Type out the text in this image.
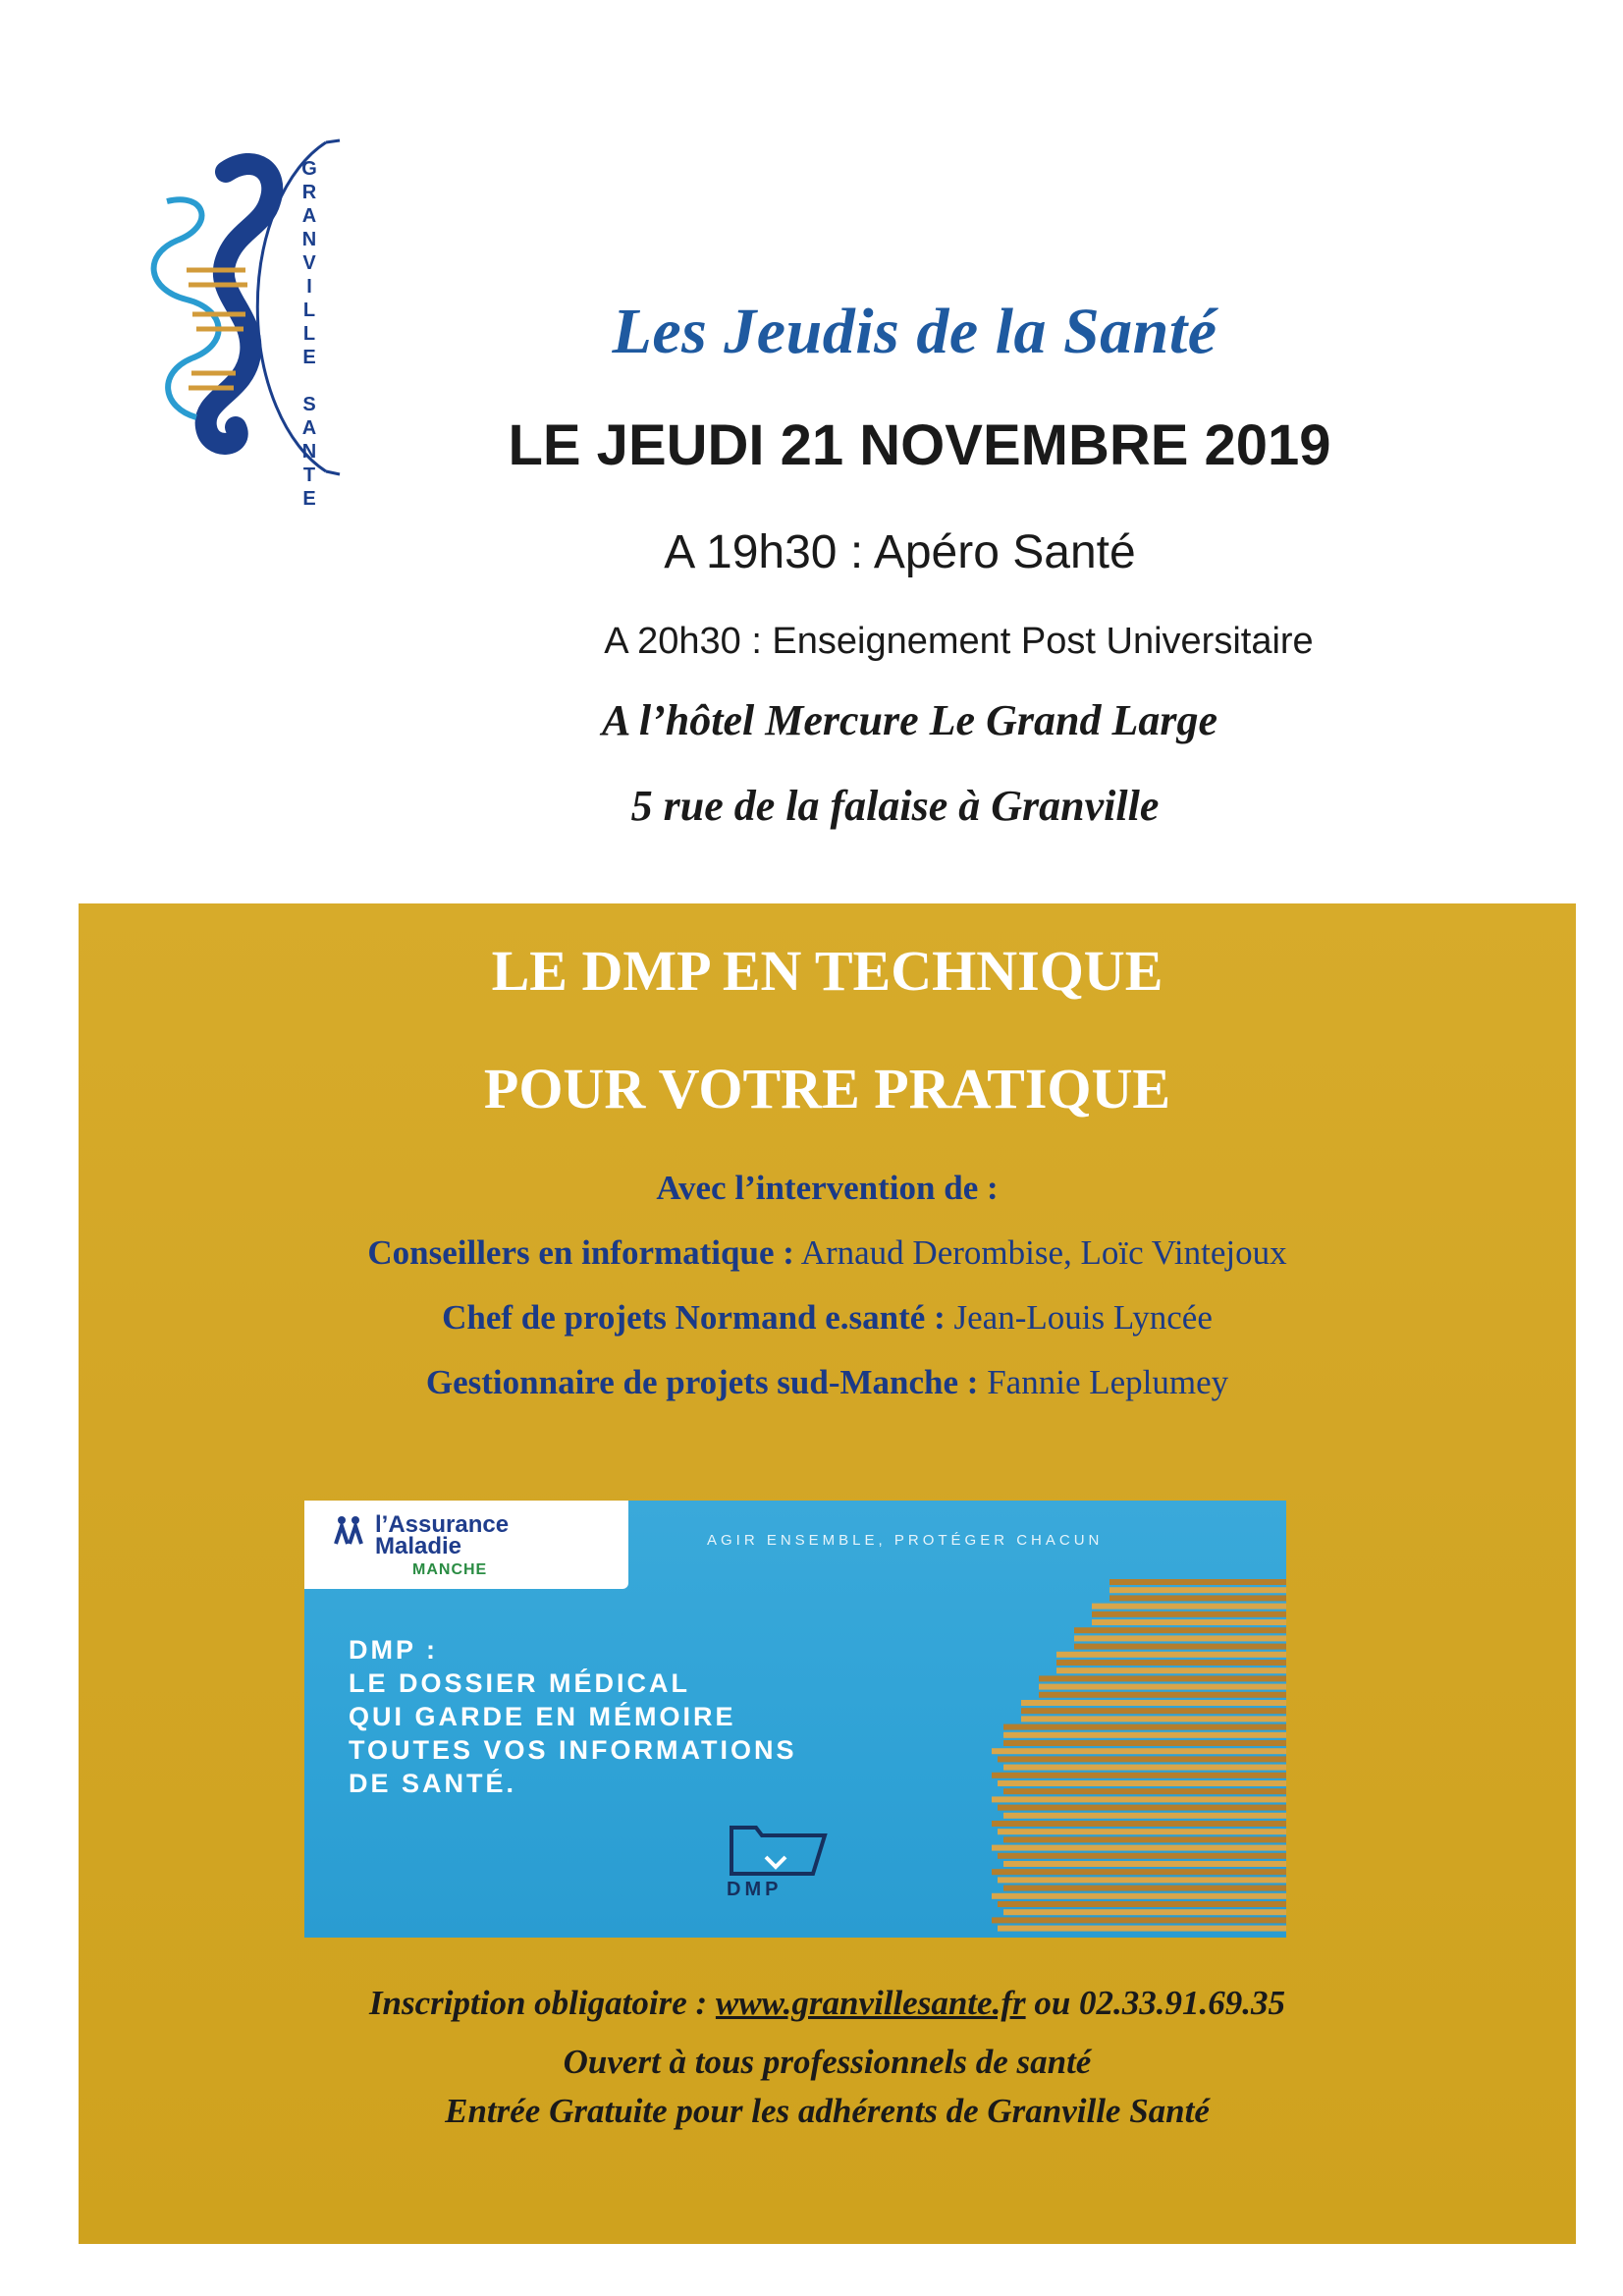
G
R
A
N
V
I
L
L
E

S
A
N
T
E
Les Jeudis de la Santé
LE JEUDI 21 NOVEMBRE 2019
A 19h30 : Apéro Santé
A 20h30 : Enseignement Post Universitaire
A l’hôtel Mercure Le Grand Large
5 rue de la falaise à Granville
LE DMP EN TECHNIQUE
POUR VOTRE PRATIQUE
Avec l’intervention de :
Conseillers en informatique : Arnaud Derombise, Loïc Vintejoux
Chef de projets Normand e.santé : Jean-Louis Lyncée
Gestionnaire de projets sud-Manche : Fannie Leplumey
l’Assurance
Maladie
MANCHE
AGIR ENSEMBLE, PROTÉGER CHACUN
DMP :
LE DOSSIER MÉDICAL
QUI GARDE EN MÉMOIRE
TOUTES VOS INFORMATIONS
DE SANTÉ.
DMP
Inscription obligatoire : www.granvillesante.fr ou 02.33.91.69.35
Ouvert à tous professionnels de santé
Entrée Gratuite pour les adhérents de Granville Santé
